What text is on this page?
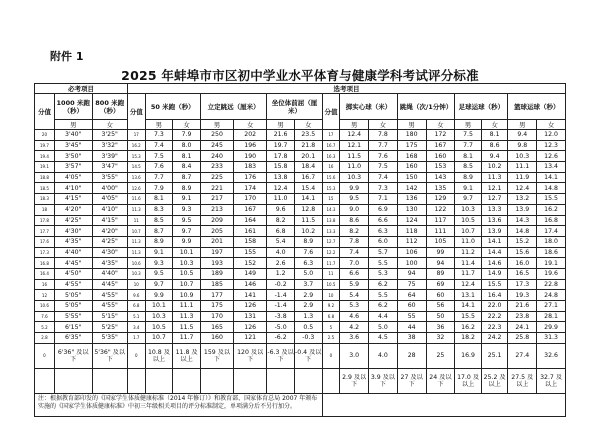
附件 1
2025 年蚌埠市市区初中学业水平体育与健康学科考试评分标准
必考项目			选考项目															
分值	1000 米跑（秒）	800 米跑（秒）	分值	50 米跑（秒）		立定跳远（厘米）		坐位体前屈（厘米）		分值	掷实心球（米）		跳绳（次/1分钟）		足球运球（秒）		篮球运球（秒）	
	男	女		男	女	男	女	男	女		男	女	男	女	男	女	男	女
20	3'40"	3'25"	17	7.3	7.9	250	202	21.6	23.5	17	12.4	7.8	180	172	7.5	8.1	9.4	12.0
19.7	3'45"	3'32"	16.2	7.4	8.0	245	196	19.7	21.8	16.7	12.1	7.7	175	167	7.7	8.6	9.8	12.3
19.4	3'50"	3'39"	15.3	7.5	8.1	240	190	17.8	20.1	16.3	11.5	7.6	168	160	8.1	9.4	10.3	12.6
19.1	3'57"	3'47"	14.5	7.6	8.4	233	183	15.8	18.4	16	11.0	7.5	160	153	8.5	10.2	11.1	13.4
18.8	4'05"	3'55"	13.6	7.7	8.7	225	176	13.8	16.7	15.6	10.3	7.4	150	143	8.9	11.3	11.9	14.1
18.5	4'10"	4'00"	12.6	7.9	8.9	221	174	12.4	15.4	15.3	9.9	7.3	142	135	9.1	12.1	12.4	14.8
18.3	4'15"	4'05"	11.6	8.1	9.1	217	170	11.0	14.1	15	9.5	7.1	136	129	9.7	12.7	13.2	15.5
18	4'20"	4'10"	11.3	8.3	9.3	213	167	9.6	12.8	14.3	9.0	6.9	130	122	10.3	13.3	13.9	16.2
17.8	4'25"	4'15"	11	8.5	9.5	209	164	8.2	11.5	13.8	8.6	6.6	124	117	10.5	13.6	14.3	16.8
17.7	4'30"	4'20"	10.7	8.7	9.7	205	161	6.8	10.2	13.3	8.2	6.3	118	111	10.7	13.9	14.8	17.4
17.6	4'35"	4'25"	11.3	8.9	9.9	201	158	5.4	8.9	12.7	7.8	6.0	112	105	11.0	14.1	15.2	18.0
17.3	4'40"	4'30"	11.3	9.1	10.1	197	155	4.0	7.6	12.2	7.4	5.7	106	99	11.2	14.4	15.6	18.6
16.8	4'45"	4'35"	10.6	9.3	10.3	193	152	2.6	6.3	11.7	7.0	5.5	100	94	11.4	14.6	16.0	19.1
16.4	4'50"	4'40"	10.3	9.5	10.5	189	149	1.2	5.0	11	6.6	5.3	94	89	11.7	14.9	16.5	19.6
16	4'55"	4'45"	10	9.7	10.7	185	146	-0.2	3.7	10.5	5.9	6.2	75	69	12.4	15.5	17.3	22.8
12	5'05"	4'55"	9.6	9.9	10.9	177	141	-1.4	2.9	10	5.4	5.5	64	60	13.1	16.4	19.3	24.8
10.6	5'05"	4'55"	6.8	10.1	11.1	175	126	-1.4	2.9	9.2	5.3	6.2	60	56	14.1	22.0	21.6	27.1
7.6	5'55"	5'15"	5.1	10.3	11.3	170	131	-3.8	1.3	6.8	4.6	4.4	55	50	15.5	22.2	23.8	28.1
5.2	6'15"	5'25"	3.4	10.5	11.5	165	126	-5.0	0.5	5	4.2	5.0	44	36	16.2	22.3	24.1	29.9
2.8	6'35"	5'35"	1.7	10.7	11.7	160	121	-6.2	-0.3	2.5	3.6	4.5	38	32	18.2	24.2	25.8	31.3
0	6'36" 及以下	5'36" 及以下	0	10.8 及以上	11.8 及以上	159 及以下	120 及以下	-6.3 及以下	-0.4 及以下	0	3.0	4.0	28	25	16.9	25.1	27.4	32.6
											2.9 及以下	3.9 及以下	27 及以下	24 及以下	17.0 及以上	25.2 及以上	27.5 及以上	32.7 及以上
注：根据教育部印发的《国家学生体质健康标准（2014 年修订）》和教育部、国家体育总局 2007 年颁布实施的《国家学生体质健康标准》中初三年级相关项目的评分标准制定，单项满分后不另行加分。																		
